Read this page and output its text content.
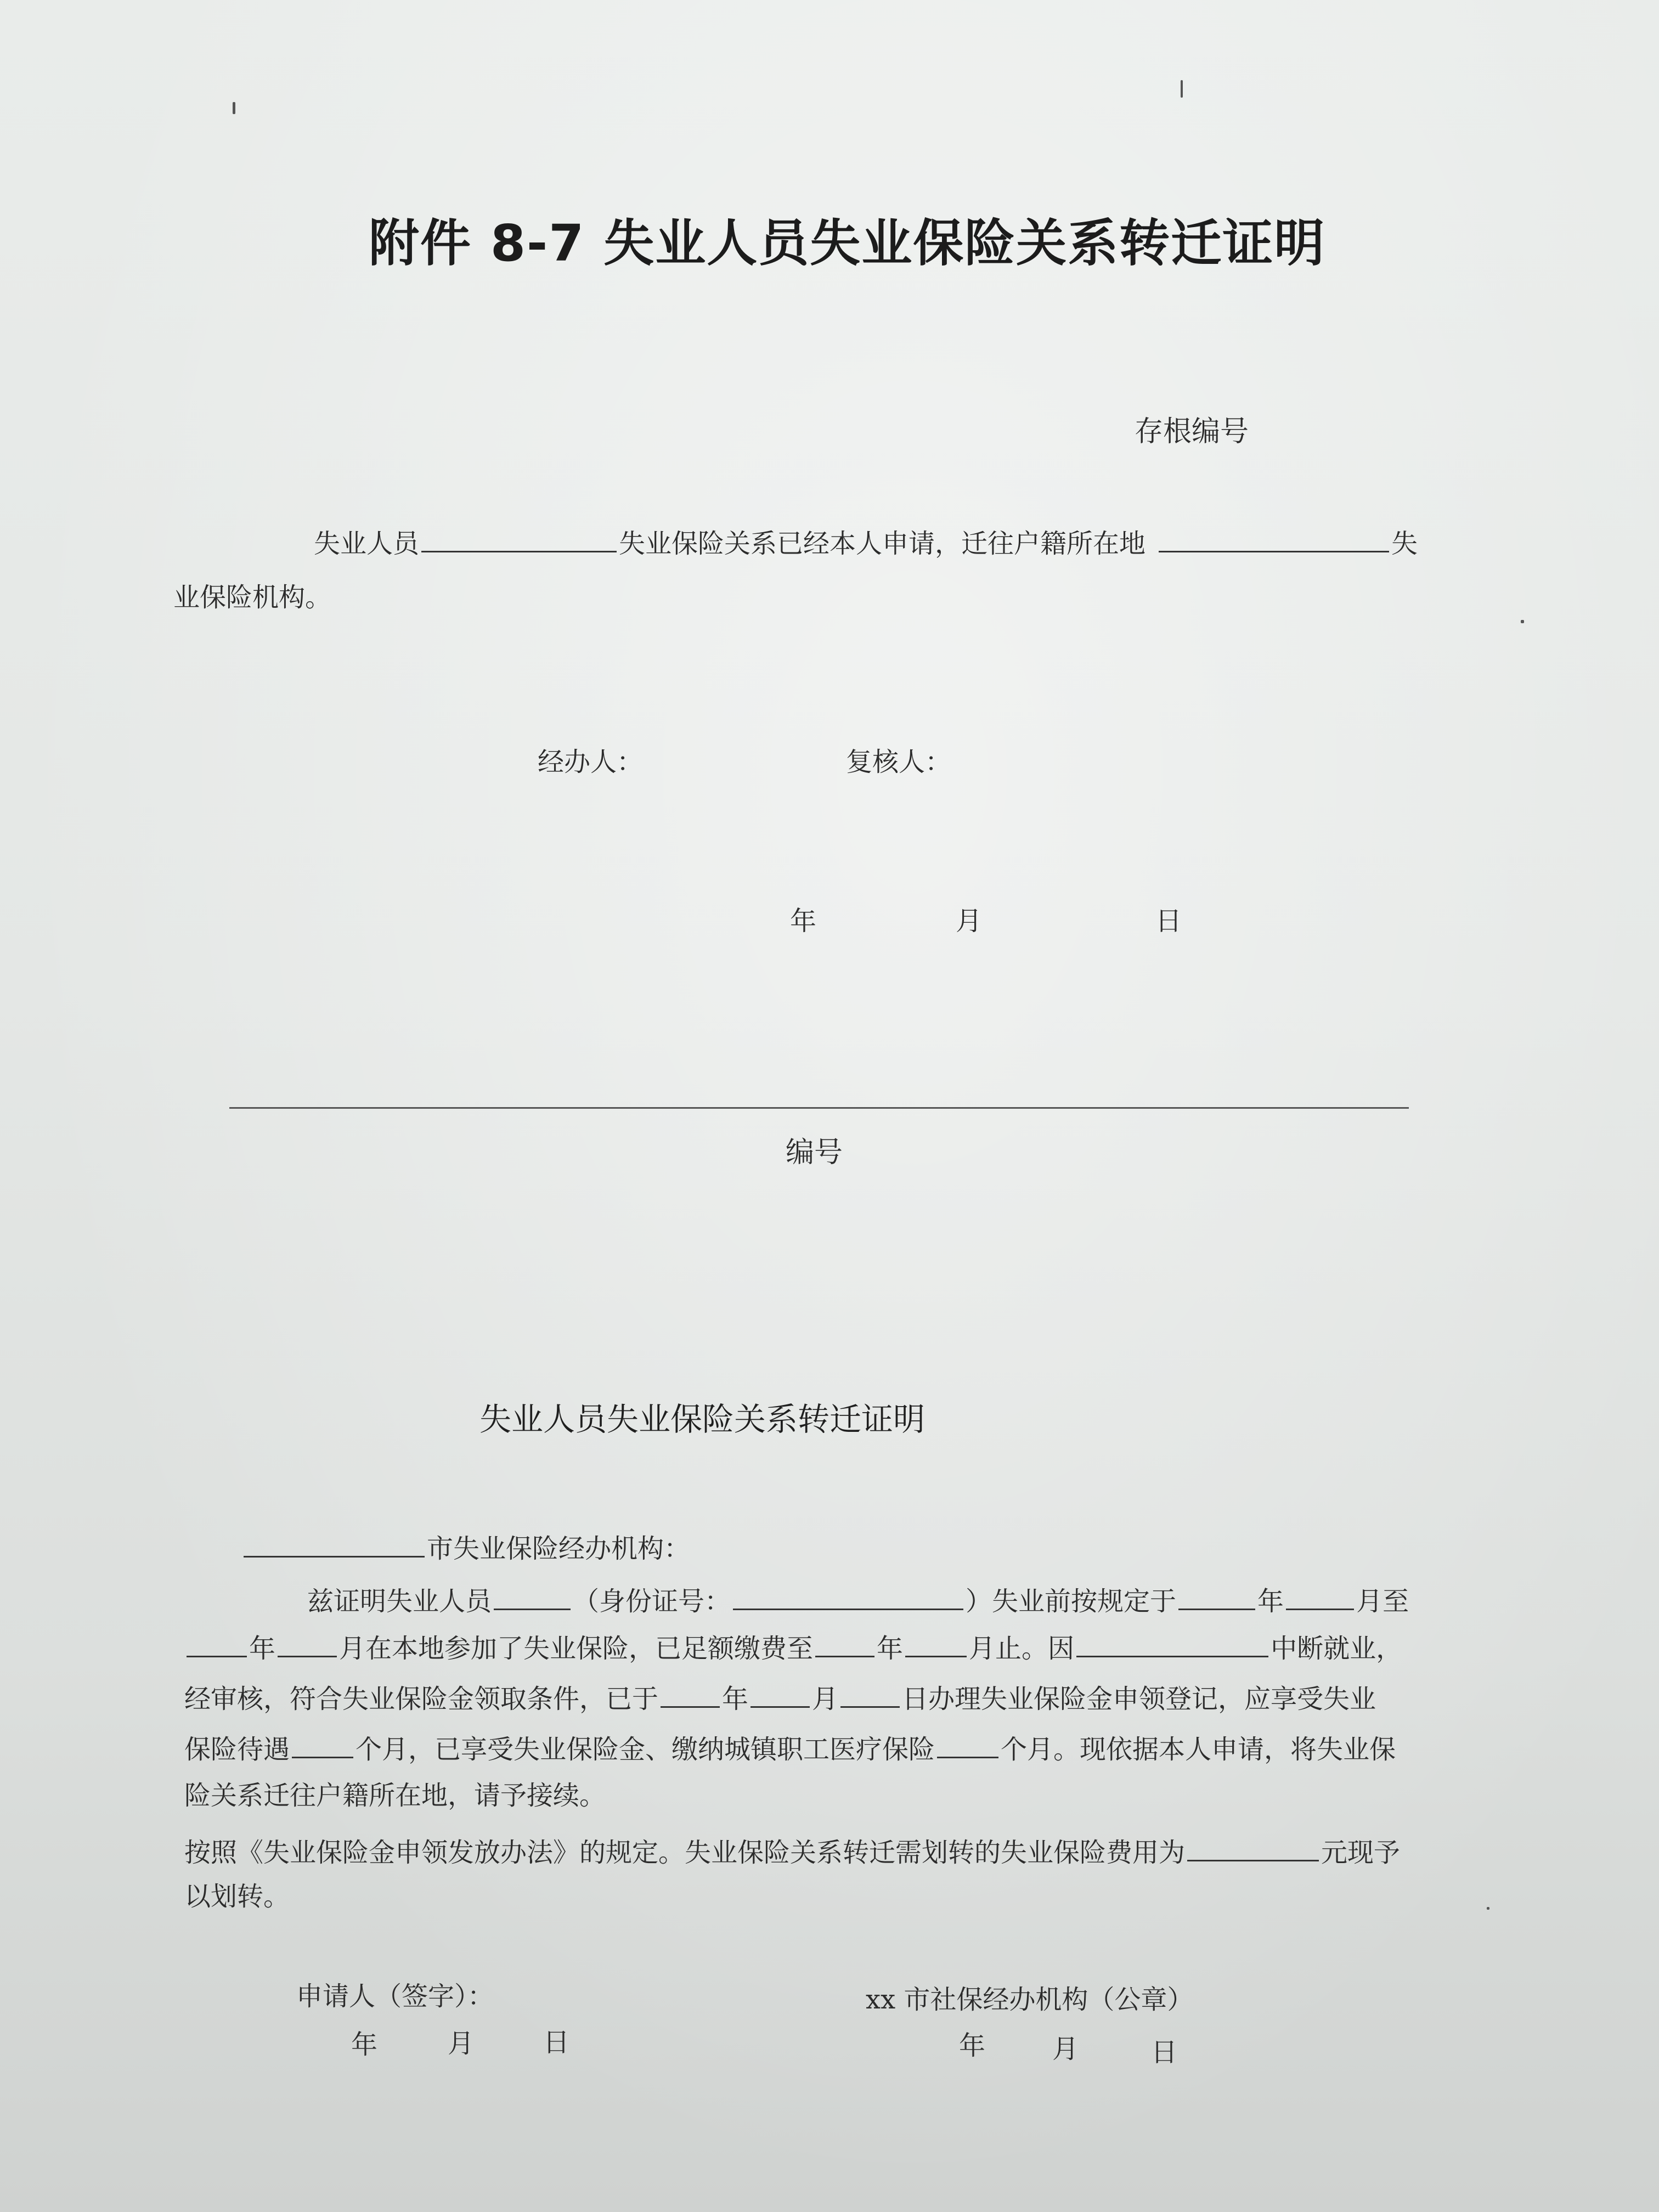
附件 8-7 失业人员失业保险关系转迁证明
存根编号
失业人员	失业保险关系已经本人申请，迁往户籍所在地	失
业保险机构。
经办人：	复核人：
年	月	日
编号
失业人员失业保险关系转迁证明
市失业保险经办机构：
兹证明失业人员	（身份证号：	）失业前按规定于	年	月至
年 月在本地参加了失业保险，已足额缴费至 年	月止。因	中断就业，
经审核，符合失业保险金领取条件，已于 年 月 日办理失业保险金申领登记，应享受失业
保险待遇	个月，已享受失业保险金、缴纳城镇职工医疗保险	个月。现依据本人申请，将失业保
险关系迁往户籍所在地，请予接续。
按照《失业保险金申领发放办法》的规定。失业保险关系转迁需划转的失业保险费用为	元现予
以划转。
申请人（签字）：	xx 市社保经办机构（公章）
年	月	日	年	月	日
